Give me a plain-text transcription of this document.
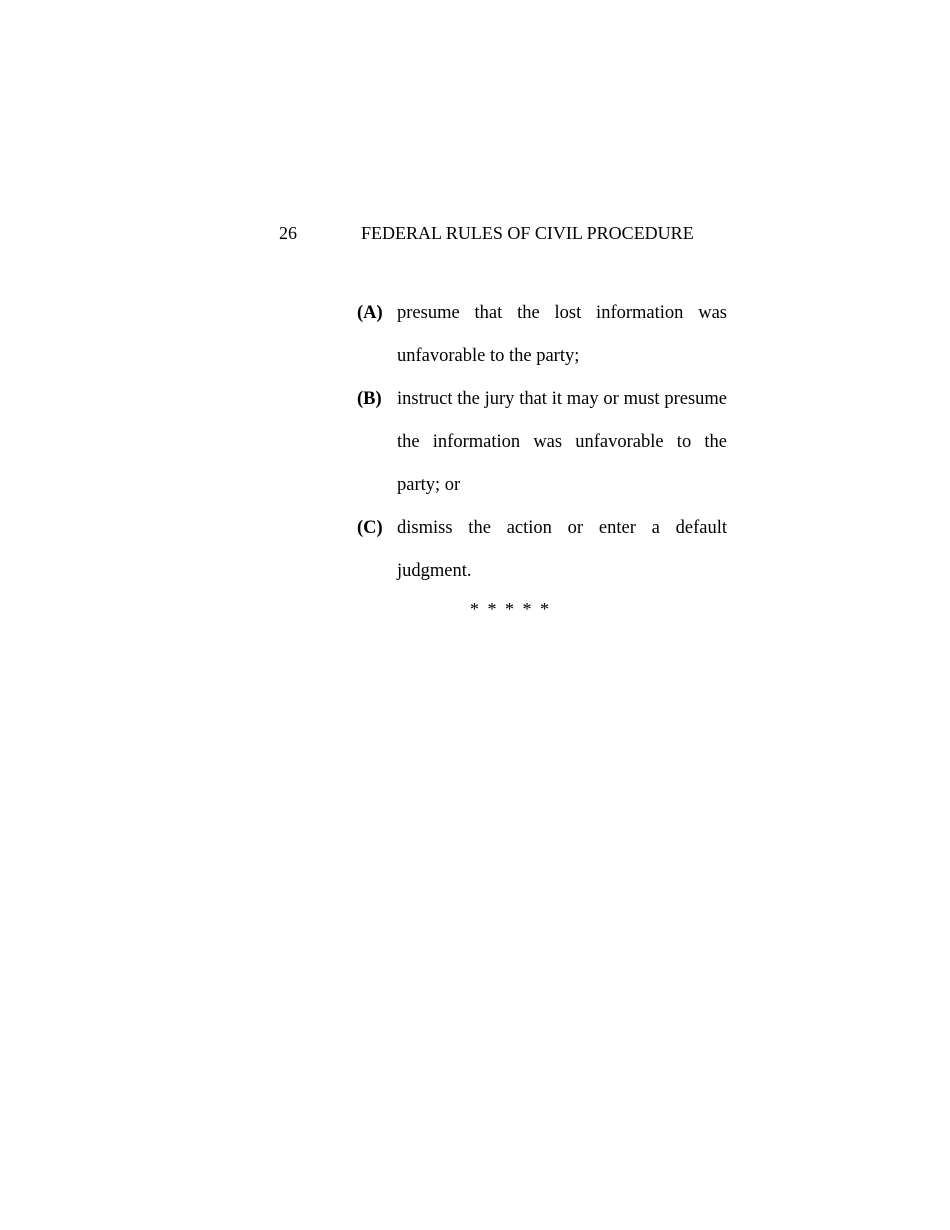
26	FEDERAL RULES OF CIVIL PROCEDURE
(A) presume that the lost information was unfavorable to the party;
(B) instruct the jury that it may or must presume the information was unfavorable to the party; or
(C) dismiss the action or enter a default judgment.
* * * * *
